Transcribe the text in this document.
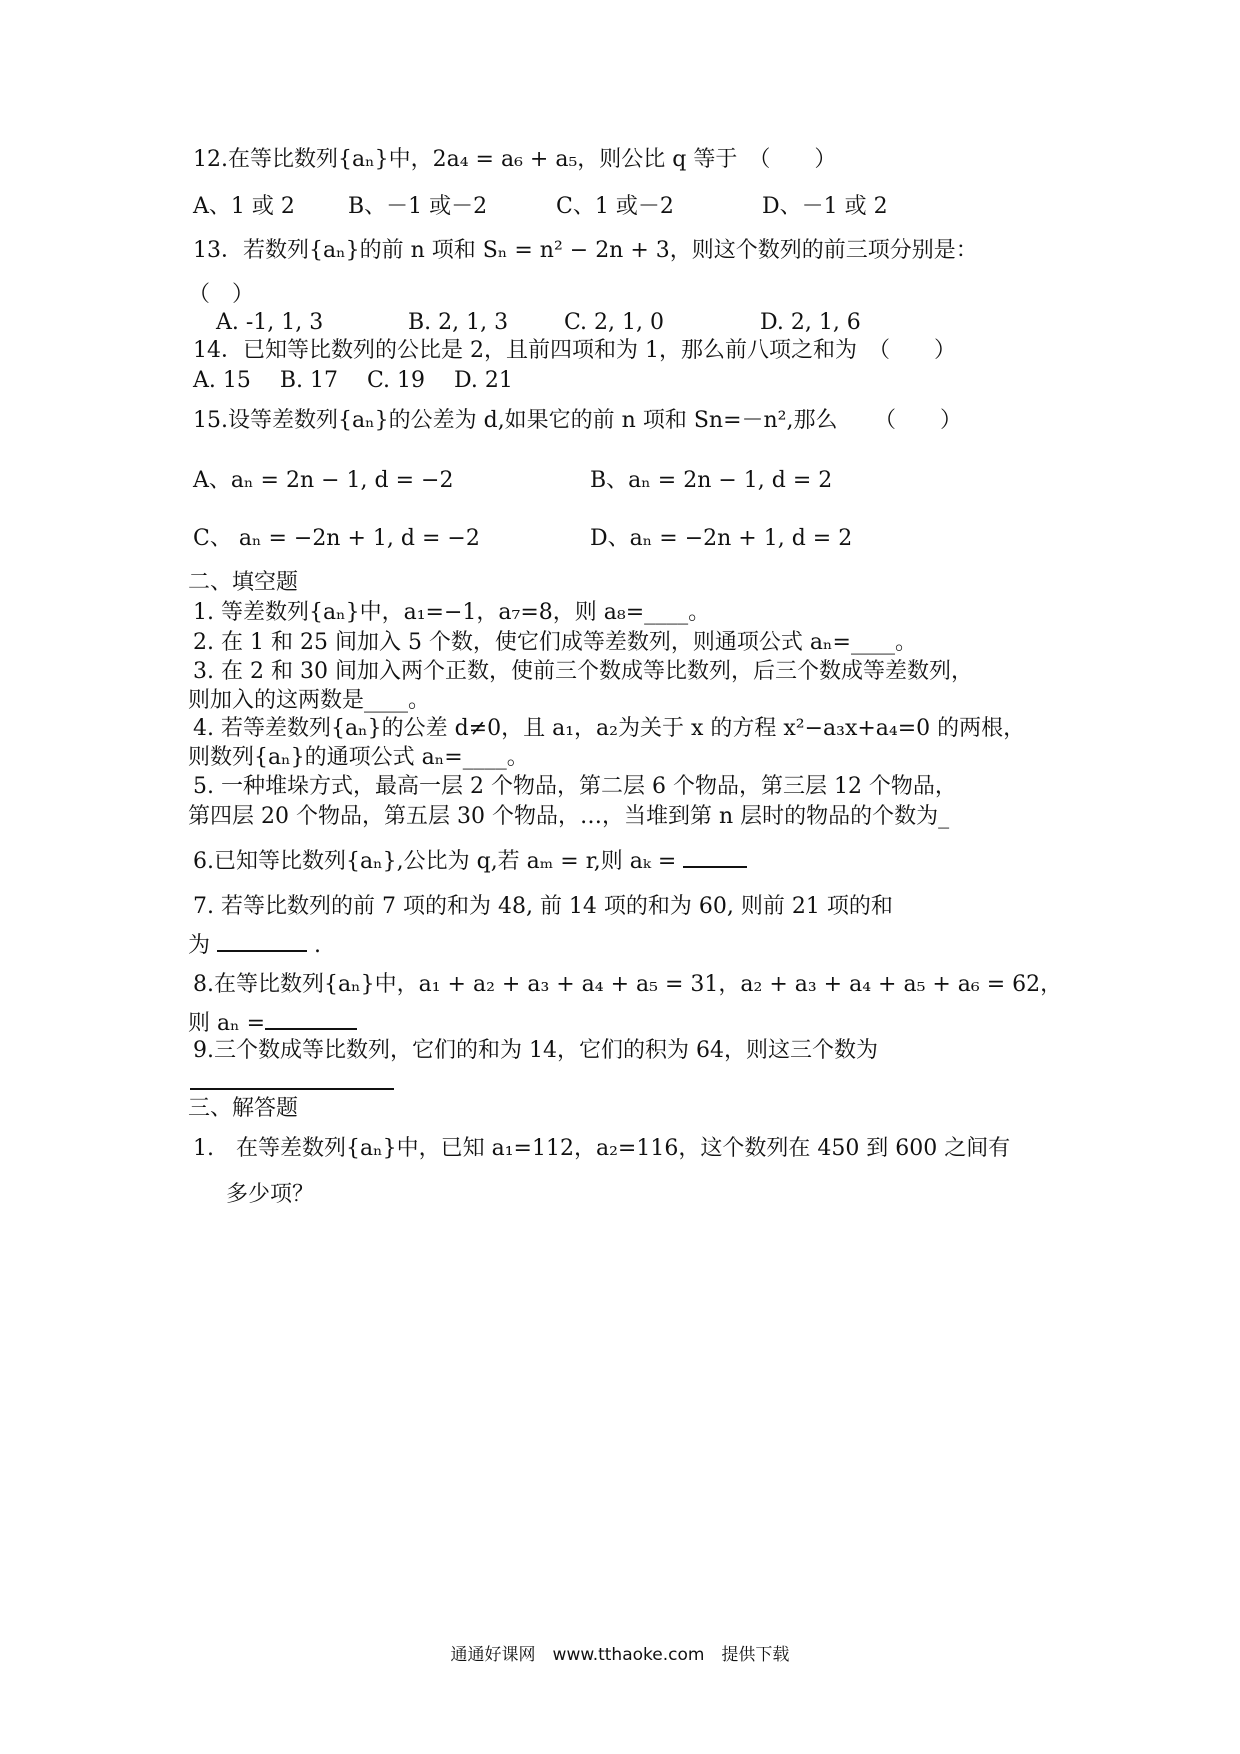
12.在等比数列{aₙ}中，2a₄ = a₆ + a₅，则公比 q 等于　（　　）
A、1 或 2 B、－1 或－2	C、1 或－2	D、－1 或 2
13．若数列{aₙ}的前 n 项和 Sₙ = n² − 2n + 3，则这个数列的前三项分别是：
（　）
A. -1, 1, 3	B. 2, 1, 3	C. 2, 1, 0	D. 2, 1, 6
14．已知等比数列的公比是 2，且前四项和为 1，那么前八项之和为　（　　）
A. 15　 B. 17　 C. 19　 D. 21
15.设等差数列{aₙ}的公差为 d,如果它的前 n 项和 Sn=－n²,那么 （　　）
A、aₙ = 2n − 1, d = −2	B、aₙ = 2n − 1, d = 2
C、 aₙ = −2n + 1, d = −2	D、aₙ = −2n + 1, d = 2
二、填空题
1. 等差数列{aₙ}中，a₁=−1，a₇=8，则 a₈=____。
2. 在 1 和 25 间加入 5 个数，使它们成等差数列，则通项公式 aₙ=____。
3. 在 2 和 30 间加入两个正数，使前三个数成等比数列，后三个数成等差数列，
则加入的这两数是____。
4. 若等差数列{aₙ}的公差 d≠0，且 a₁，a₂为关于 x 的方程 x²−a₃x+a₄=0 的两根，
则数列{aₙ}的通项公式 aₙ=____。
5. 一种堆垛方式，最高一层 2 个物品，第二层 6 个物品，第三层 12 个物品，
第四层 20 个物品，第五层 30 个物品，…，当堆到第 n 层时的物品的个数为_
6.已知等比数列{aₙ},公比为 q,若 aₘ = r,则 aₖ =
7. 若等比数列的前 7 项的和为 48, 前 14 项的和为 60, 则前 21 项的和
为	.
8.在等比数列{aₙ}中，a₁ + a₂ + a₃ + a₄ + a₅ = 31，a₂ + a₃ + a₄ + a₅ + a₆ = 62，
则 aₙ =
9.三个数成等比数列，它们的和为 14，它们的积为 64，则这三个数为
三、解答题
1.　在等差数列{aₙ}中，已知 a₁=112，a₂=116，这个数列在 450 到 600 之间有
多少项？
通通好课网　www.tthaoke.com　提供下载
